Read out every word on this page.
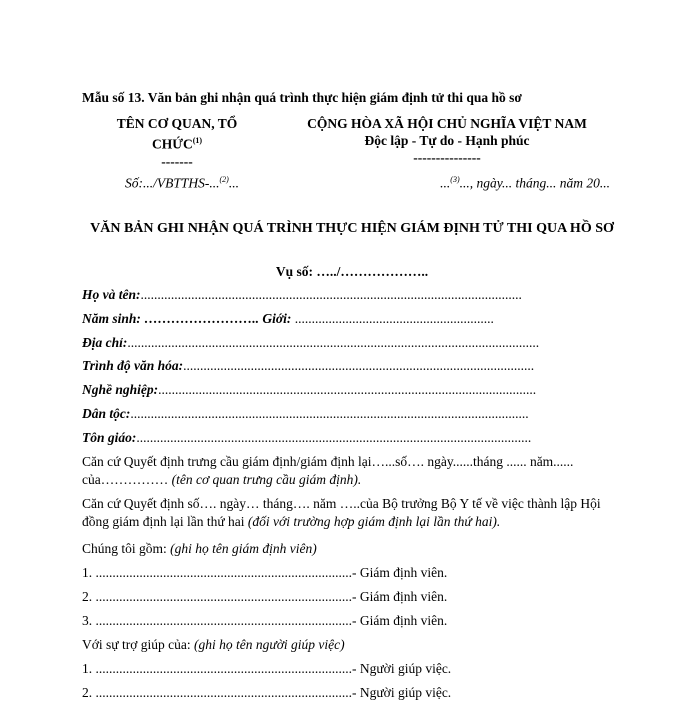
Mẫu số 13. Văn bản ghi nhận quá trình thực hiện giám định tử thi qua hồ sơ
TÊN CƠ QUAN, TỔ
CHỨC$^{(1)}$
-------
CỘNG HÒA XÃ HỘI CHỦ NGHĨA VIỆT NAM
Độc lập - Tự do - Hạnh phúc
---------------
Số:.../VBTTHS-...$^{(2)}$...	...$^{(3)}$..., ngày... tháng... năm 20...
VĂN BẢN GHI NHẬN QUÁ TRÌNH THỰC HIỆN GIÁM ĐỊNH TỬ THI QUA HỒ SƠ
Vụ số: …../………………..
Họ và tên:.................................................................................................................
Năm sinh: …………………….. Giới: ...........................................................
Địa chỉ:..........................................................................................................................
Trình độ văn hóa:........................................................................................................
Nghề nghiệp:................................................................................................................
Dân tộc:......................................................................................................................
Tôn giáo:.....................................................................................................................
Căn cứ Quyết định trưng cầu giám định/giám định lại…...số…. ngày......tháng ...... năm...... của…………… (tên cơ quan trưng cầu giám định).
Căn cứ Quyết định số…. ngày… tháng…. năm …..của Bộ trưởng Bộ Y tế về việc thành lập Hội đồng giám định lại lần thứ hai (đối với trường hợp giám định lại lần thứ hai).
Chúng tôi gồm: (ghi họ tên giám định viên)
1. ............................................................................- Giám định viên.
2. ............................................................................- Giám định viên.
3. ............................................................................- Giám định viên.
Với sự trợ giúp của: (ghi họ tên người giúp việc)
1. ............................................................................- Người giúp việc.
2. ............................................................................- Người giúp việc.
